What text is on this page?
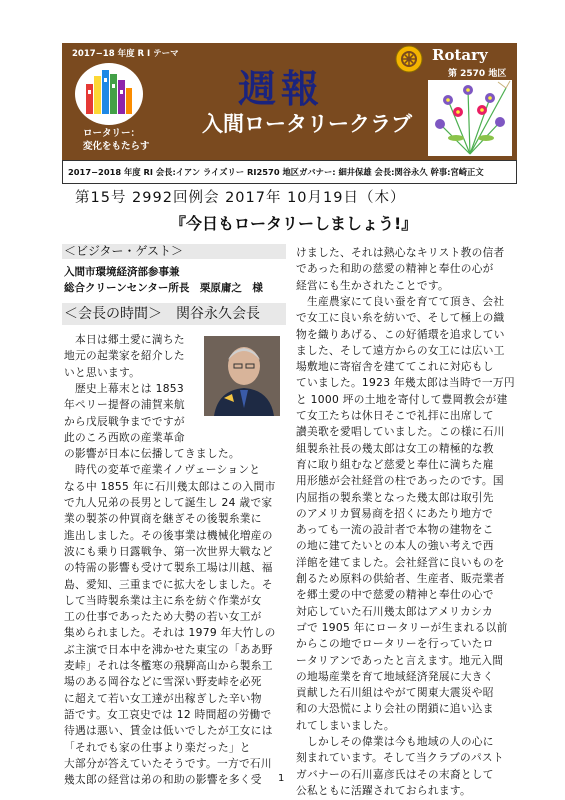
2017−18 年度 R I テーマ
ロータリー：
変化をもたらす
週報
入間ロータリークラブ
Rotary
第 2570 地区
2017−2018 年度 RI 会長:イアン ライズリー RI2570 地区ガバナー: 細井保雄 会長:関谷永久 幹事:宮崎正文
第15号 2992回例会 2017年 10月19日（木）
『今日もロータリーしましょう!』
＜ビジター・ゲスト＞
入間市環境経済部参事兼
総合クリーンセンター所長　栗原庸之　様
＜会長の時間＞　関谷永久会長
本日は郷土愛に満ちた
地元の起業家を紹介した
いと思います。
歴史上幕末とは 1853
年ペリー提督の浦賀来航
から戊辰戦争までですが
此のころ西欧の産業革命
の影響が日本に伝播してきました。
時代の変革で産業イノヴェーションと
なる中 1855 年に石川幾太郎はこの入間市
で九人兄弟の長男として誕生し 24 歳で家
業の製茶の仲買商を継ぎその後製糸業に
進出しました。その後事業は機械化増産の
波にも乗り日露戦争、第一次世界大戦など
の特需の影響も受けて製糸工場は川越、福
島、愛知、三重までに拡大をしました。そ
して当時製糸業は主に糸を紡ぐ作業が女
工の仕事であったため大勢の若い女工が
集められました。それは 1979 年大竹しの
ぶ主演で日本中を沸かせた東宝の「ああ野
麦峠」それは冬檻寒の飛騨高山から製糸工
場のある岡谷などに雪深い野麦峠を必死
に超えて若い女工達が出稼ぎした辛い物
語です。女工哀史では 12 時間超の労働で
待遇は悪い、賃金は低いでしたが工女には
「それでも家の仕事より楽だった」と
大部分が答えていたそうです。一方で石川
幾太郎の経営は弟の和助の影響を多く受
けました、それは熱心なキリスト教の信者
であった和助の慈愛の精神と奉仕の心が
経営にも生かされたことです。
生産農家にて良い蚕を育てて頂き、会社
で女工に良い糸を紡いで、そして極上の織
物を織りあげる、この好循環を追求してい
ました、そして遠方からの女工には広い工
場敷地に寄宿舎を建ててこれに対応もし
ていました。1923 年幾太郎は当時で一万円
と 1000 坪の土地を寄付して豊岡教会が建
て女工たちは休日そこで礼拝に出席して
讃美歌を愛唱していました。この様に石川
組製糸社長の幾太郎は女工の精極的な教
育に取り組むなど慈愛と奉仕に満ちた雇
用形態が会社経営の柱であったのです。国
内屈指の製糸業となった幾太郎は取引先
のアメリカ貿易商を招くにあたり地方で
あっても一流の設計者で本物の建物をこ
の地に建てたいとの本人の強い考えで西
洋館を建てました。会社経営に良いものを
創るため原料の供給者、生産者、販売業者
を郷土愛の中で慈愛の精神と奉仕の心で
対応していた石川幾太郎はアメリカシカ
ゴで 1905 年にロータリーが生まれる以前
からこの地でロータリーを行っていたロ
ータリアンであったと言えます。地元入間
の地場産業を育て地域経済発展に大きく
貢献した石川組はやがて関東大震災や昭
和の大恐慌により会社の閉鎖に追い込ま
れてしまいました。
しかしその偉業は今も地域の人の心に
刻まれています。そして当クラブのパスト
ガバナーの石川嘉彦氏はその末裔として
公私ともに活躍されておられます。
1
